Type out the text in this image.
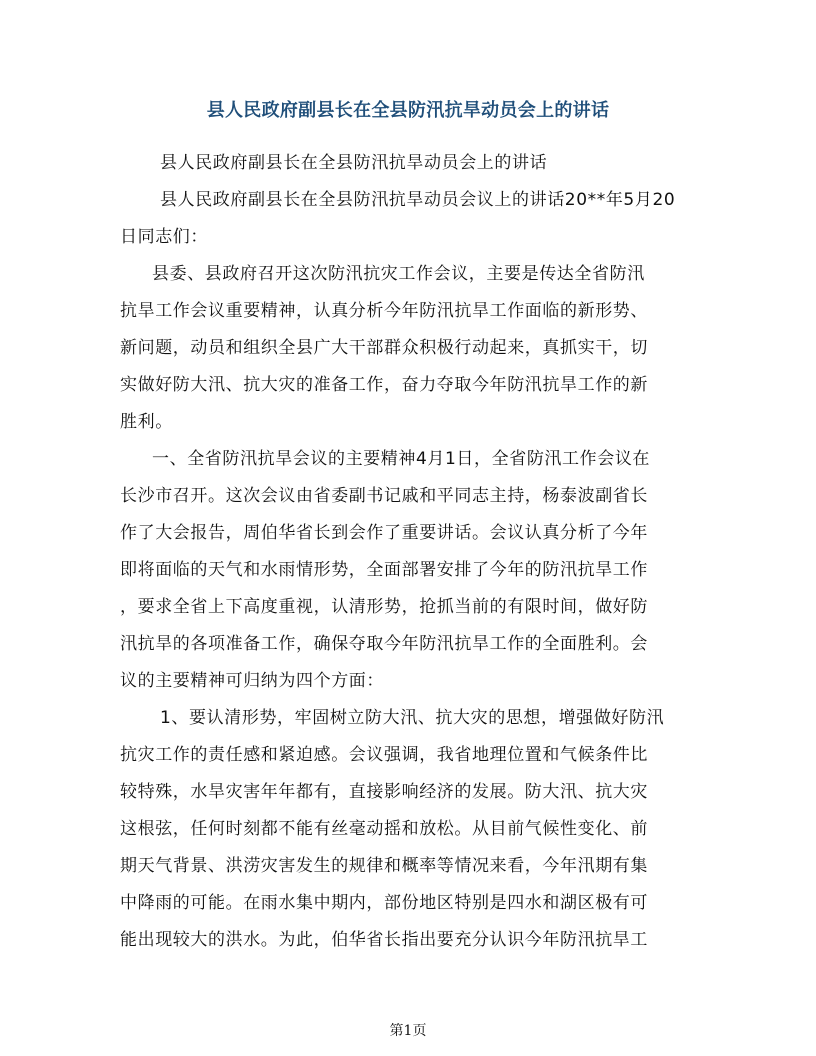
县人民政府副县长在全县防汛抗旱动员会上的讲话
县人民政府副县长在全县防汛抗旱动员会上的讲话
县人民政府副县长在全县防汛抗旱动员会议上的讲话20**年5月20
日同志们：
县委、县政府召开这次防汛抗灾工作会议，主要是传达全省防汛
抗旱工作会议重要精神，认真分析今年防汛抗旱工作面临的新形势、
新问题，动员和组织全县广大干部群众积极行动起来，真抓实干，切
实做好防大汛、抗大灾的准备工作，奋力夺取今年防汛抗旱工作的新
胜利。
一、全省防汛抗旱会议的主要精神4月1日，全省防汛工作会议在
长沙市召开。这次会议由省委副书记戚和平同志主持，杨泰波副省长
作了大会报告，周伯华省长到会作了重要讲话。会议认真分析了今年
即将面临的天气和水雨情形势，全面部署安排了今年的防汛抗旱工作
，要求全省上下高度重视，认清形势，抢抓当前的有限时间，做好防
汛抗旱的各项准备工作，确保夺取今年防汛抗旱工作的全面胜利。会
议的主要精神可归纳为四个方面：
1、要认清形势，牢固树立防大汛、抗大灾的思想，增强做好防汛
抗灾工作的责任感和紧迫感。会议强调，我省地理位置和气候条件比
较特殊，水旱灾害年年都有，直接影响经济的发展。防大汛、抗大灾
这根弦，任何时刻都不能有丝毫动摇和放松。从目前气候性变化、前
期天气背景、洪涝灾害发生的规律和概率等情况来看，今年汛期有集
中降雨的可能。在雨水集中期内，部份地区特别是四水和湖区极有可
能出现较大的洪水。为此，伯华省长指出要充分认识今年防汛抗旱工
第1页
